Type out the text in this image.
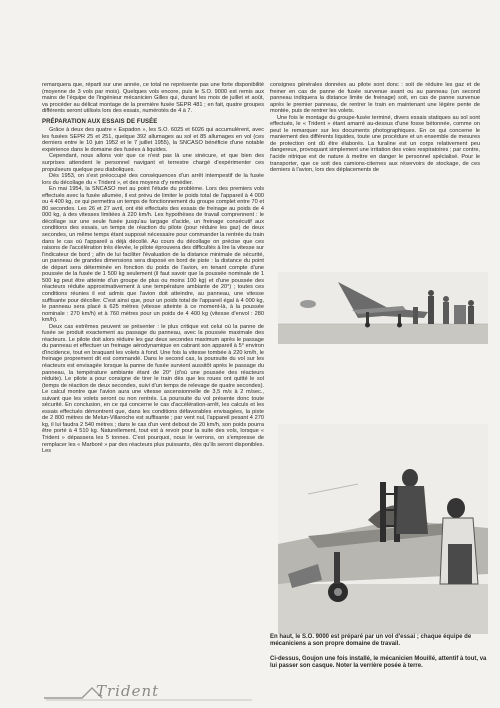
remarquera que, réparti sur une année, ce total ne représente pas une forte disponibilité (moyenne de 3 vols par mois). Quelques vols encore, puis le S.O. 9000 est remis aux mains de l'équipe de l'ingénieur mécanicien Gilles qui, durant les mois de juillet et août, va procéder au délicat montage de la première fusée SEPR 481 ; en fait, quatre groupes différents seront utilisés lors des essais, numérotés de 4 à 7.

PRÉPARATION AUX ESSAIS DE FUSÉE

Grâce à deux des quatre « Espadon », les S.O. 6025 et 6026 qui accumulèrent, avec les fusées SEPR 25 et 251, quelque 392 allumages au sol et 85 allumages en vol (ces derniers entre le 10 juin 1952 et le 7 juillet 1955), la SNCASO bénéficie d'une notable expérience dans le domaine des fusées à liquides.

Cependant, nous allons voir que ce n'est pas là une sinécure, et que bien des surprises attendent le personnel navigant et terrestre chargé d'expérimenter ces propulseurs quelque peu diaboliques.

Dès 1953, on s'est préoccupé des conséquences d'un arrêt intempestif de la fusée lors du décollage du « Trident », et des moyens d'y remédier.

En mai 1954, la SNCASO met au point l'étude du problème. Lors des premiers vols effectués avec la fusée allumée, il est prévu de limiter le poids total de l'appareil à 4 000 ou 4 400 kg, ce qui permettra un temps de fonctionnement du groupe complet entre 70 et 80 secondes. Les 26 et 27 avril, ont été effectués des essais de freinage au poids de 4 000 kg, à des vitesses limitées à 220 km/h. Les hypothèses de travail comprennent : le décollage sur une seule fusée jusqu'au largage d'acide, un freinage consécutif aux conditions des essais, un temps de réaction du pilote (pour réduire les gaz) de deux secondes, un même temps étant supposé nécessaire pour commander la rentrée du train dans le cas où l'appareil a déjà décollé. Au cours du décollage on précise que ces raisons de l'accélération très élevée, le pilote éprouvera des difficultés à lire la vitesse sur l'indicateur de bord ; afin de lui faciliter l'évaluation de la distance minimale de sécurité, un panneau de grandes dimensions sera disposé en bord de piste : la distance du point de départ sera déterminée en fonction du poids de l'avion, en tenant compte d'une poussée de la fusée de 1 500 kg seulement (il faut savoir que la poussée nominale de 1 500 kg peut être atteinte d'un groupe de plus ou moins 100 kg) et d'une poussée des réacteurs réduite approximativement à une température ambiante de 20°) ; toutes ces conditions réunies il est admis que l'avion doit atteindre, au panneau, une vitesse suffisante pour décoller. C'est ainsi que, pour un poids total de l'appareil égal à 4 000 kg, le panneau sera placé à 625 mètres (vitesse atteinte à ce moment-là, à la poussée nominale : 270 km/h) et à 760 mètres pour un poids de 4 400 kg (vitesse d'envol : 280 km/h).

Deux cas extrêmes peuvent se présenter : le plus critique est celui où la panne de fusée se produit exactement au passage du panneau, avec la poussée maximale des réacteurs. Le pilote doit alors réduire les gaz deux secondes maximum après le passage du panneau et effectuer un freinage aérodynamique en cabrant son appareil à 5° environ d'incidence, tout en braquant les volets à fond. Une fois la vitesse tombée à 220 km/h, le freinage proprement dit est commandé. Dans le second cas, la poursuite du vol sur les réacteurs est envisagée lorsque la panne de fusée survient aussitôt après le passage du panneau, la température ambiante étant de 20° (d'où une poussée des réacteurs réduite). Le pilote a pour consigne de tirer le train dès que les roues ont quitté le sol (temps de réaction de deux secondes, suivi d'un temps de relevage de quatre secondes). Le calcul montre que l'avion aura une vitesse ascensionnelle de 3,5 m/s à 2 m/sec., suivant que les volets seront ou non rentrés. La poursuite du vol présente donc toute sécurité. En conclusion, en ce qui concerne le cas d'accélération-arrêt, les calculs et les essais effectués démontrent que, dans les conditions défavorables envisagées, la piste de 2 800 mètres de Melun-Villaroche est suffisante ; par vent nul, l'appareil pesant 4 270 kg, il lui faudra 2 540 mètres ; dans le cas d'un vent debout de 20 km/h, son poids pourra être porté à 4 510 kg. Naturellement, tout est à revoir pour la suite des vols, lorsque « Trident » dépassera les 5 tonnes. C'est pourquoi, nous le verrons, on s'empresse de remplacer les « Marboré » par des réacteurs plus puissants, dès qu'ils seront disponibles. Les

consignes générales données au pilote sont donc : soit de réduire les gaz et de freiner en cas de panne de fusée survenue avant ou au panneau (un second panneau indiquera la distance limite de freinage) soit, en cas de panne survenue après le premier panneau, de rentrer le train en maintenant une légère pente de montée, puis de rentrer les volets.

Une fois le montage du groupe-fusée terminé, divers essais statiques au sol sont effectués, le « Trident » étant amarré au-dessus d'une fosse bétonnée, comme on peut le remarquer sur les documents photographiques. En ce qui concerne le maniement des différents liquides, toute une procédure et un ensemble de mesures de protection ont dû être élaborés. La furaline est un corps relativement peu dangereux, provoquant simplement une irritation des voies respiratoires ; par contre, l'acide nitrique est de nature à mettre en danger le personnel spécialisé. Pour le transporter, que ce soit des camions-citernes aux réservoirs de stockage, de ces derniers à l'avion, lors des déplacements de

En haut, le S.O. 9000 est préparé par un vol d'essai ; chaque équipe de mécaniciens a son propre domaine de travail.
Ci-dessus, Goujon une fois installé, le mécanicien Mouillé, attentif à tout, va lui passer son casque. Noter la verrière posée à terre.
Trident
